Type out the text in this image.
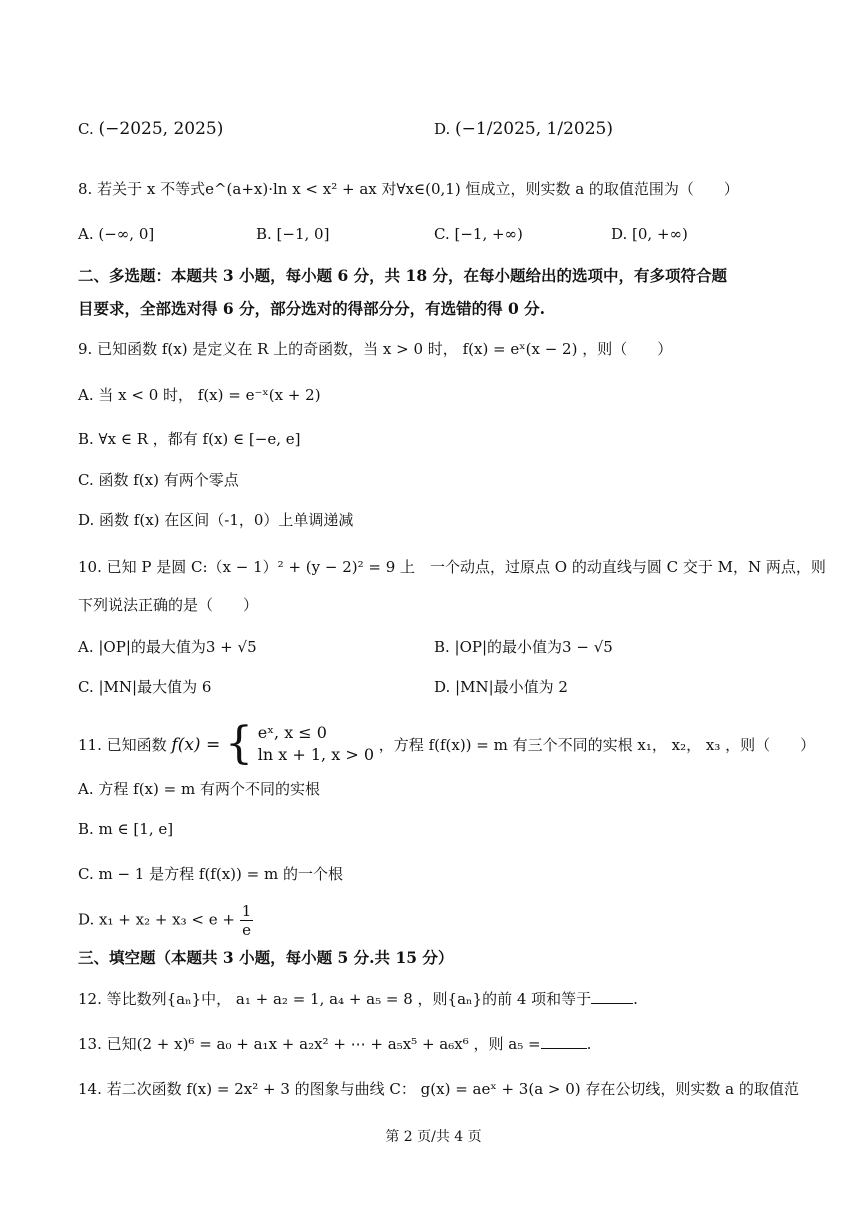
C. (−2025, 2025)	D. (−1/2025, 1/2025)
8. 若关于 x 不等式e^(a+x)·ln x < x² + ax 对∀x∈(0,1) 恒成立，则实数 a 的取值范围为（　　）
A. (−∞, 0]	B. [−1, 0]	C. [−1, +∞)	D. [0, +∞)
二、多选题：本题共 3 小题，每小题 6 分，共 18 分，在每小题给出的选项中，有多项符合题
目要求，全部选对得 6 分，部分选对的得部分分，有选错的得 0 分.
9. 已知函数 f(x) 是定义在 R 上的奇函数，当 x > 0 时， f(x) = eˣ(x − 2) ，则（　　）
A. 当 x < 0 时， f(x) = e⁻ˣ(x + 2)
B. ∀x ∈ R ，都有 f(x) ∈ [−e, e]
C. 函数 f(x) 有两个零点
D. 函数 f(x) 在区间（-1，0）上单调递减
10. 已知 P 是圆 C:（x − 1）² + (y − 2)² = 9 上　一个动点，过原点 O 的动直线与圆 C 交于 M，N 两点，则
下列说法正确的是（　　）
A. |OP|的最大值为3 + √5	B. |OP|的最小值为3 − √5
C. |MN|最大值为 6	D. |MN|最小值为 2
11. 已知函数 f(x) = { eˣ, x ≤ 0
ln x + 1, x > 0 ，方程 f(f(x)) = m 有三个不同的实根 x₁， x₂， x₃ ，则（　　）
A. 方程 f(x) = m 有两个不同的实根
B. m ∈ [1, e]
C. m − 1 是方程 f(f(x)) = m 的一个根
D. $x_1 + x_2 + x_3 < e + \frac{1}{e}$
三、填空题（本题共 3 小题，每小题 5 分.共 15 分）
12. 等比数列{aₙ}中， a₁ + a₂ = 1, a₄ + a₅ = 8 ，则{aₙ}的前 4 项和等于	.
13. 已知(2 + x)⁶ = a₀ + a₁x + a₂x² + ⋯ + a₅x⁵ + a₆x⁶ ，则 a₅ =	.
14. 若二次函数 f(x) = 2x² + 3 的图象与曲线 C： g(x) = aeˣ + 3(a > 0) 存在公切线，则实数 a 的取值范
第 2 页/共 4 页
